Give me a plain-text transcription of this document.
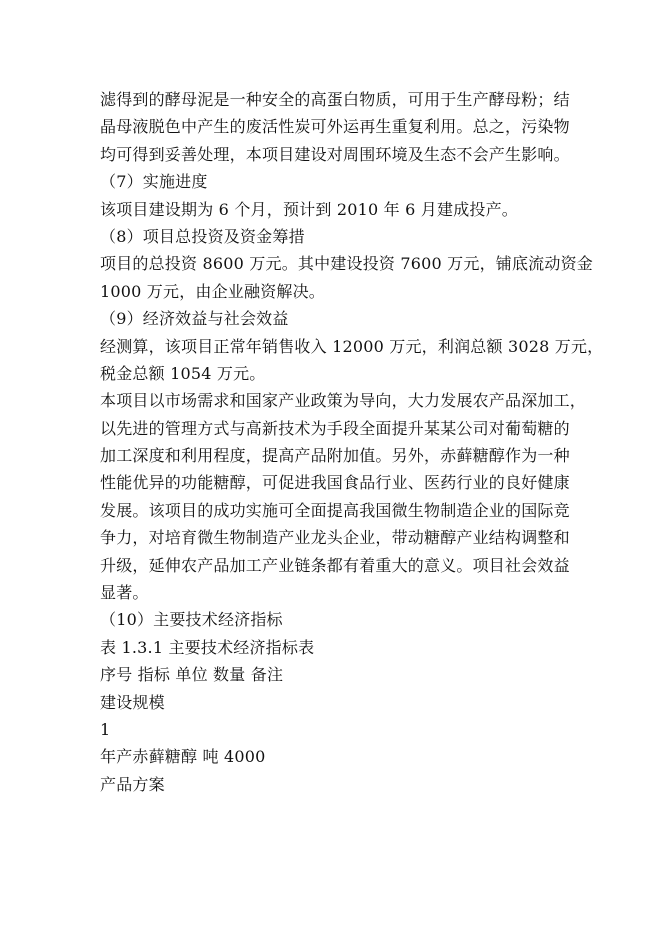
滤得到的酵母泥是一种安全的高蛋白物质，可用于生产酵母粉；结
晶母液脱色中产生的废活性炭可外运再生重复利用。总之，污染物
均可得到妥善处理，本项目建设对周围环境及生态不会产生影响。
（7）实施进度
该项目建设期为 6 个月，预计到 2010 年 6 月建成投产。
（8）项目总投资及资金筹措
项目的总投资 8600 万元。其中建设投资 7600 万元，铺底流动资金
1000 万元，由企业融资解决。
（9）经济效益与社会效益
经测算，该项目正常年销售收入 12000 万元，利润总额 3028 万元，
税金总额 1054 万元。
本项目以市场需求和国家产业政策为导向，大力发展农产品深加工，
以先进的管理方式与高新技术为手段全面提升某某公司对葡萄糖的
加工深度和利用程度，提高产品附加值。另外，赤藓糖醇作为一种
性能优异的功能糖醇，可促进我国食品行业、医药行业的良好健康
发展。该项目的成功实施可全面提高我国微生物制造企业的国际竞
争力，对培育微生物制造产业龙头企业，带动糖醇产业结构调整和
升级，延伸农产品加工产业链条都有着重大的意义。项目社会效益
显著。
（10）主要技术经济指标
表 1.3.1 主要技术经济指标表
序号 指标 单位 数量 备注
建设规模
1
年产赤藓糖醇 吨 4000
产品方案
